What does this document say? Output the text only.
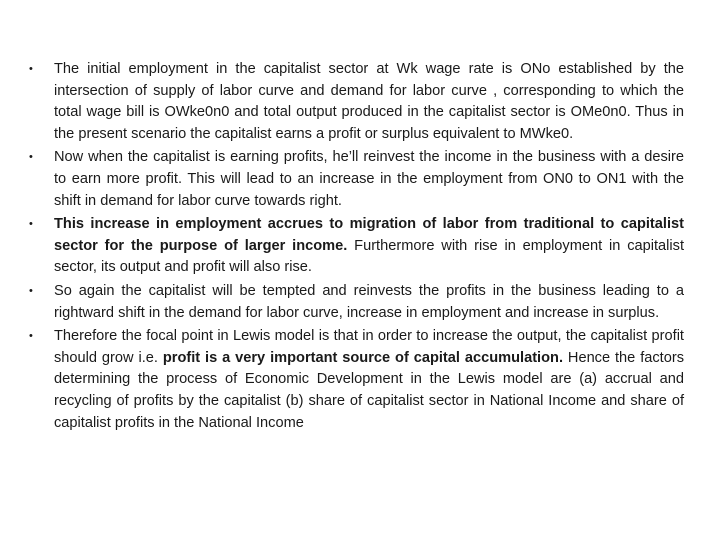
• The initial employment in the capitalist sector at Wk wage rate is ONo established by the intersection of supply of labor curve and demand for labor curve , corresponding to which the total wage bill is OWke0n0 and total output produced in the capitalist sector is OMe0n0. Thus in the present scenario the capitalist earns a profit or surplus equivalent to MWke0.
• Now when the capitalist is earning profits, he’ll reinvest the income in the business with a desire to earn more profit. This will lead to an increase in the employment from ON0 to ON1 with the shift in demand for labor curve towards right.
• This increase in employment accrues to migration of labor from traditional to capitalist sector for the purpose of larger income. Furthermore with rise in employment in capitalist sector, its output and profit will also rise.
• So again the capitalist will be tempted and reinvests the profits in the business leading to a rightward shift in the demand for labor curve, increase in employment and increase in surplus.
• Therefore the focal point in Lewis model is that in order to increase the output, the capitalist profit should grow i.e. profit is a very important source of capital accumulation. Hence the factors determining the process of Economic Development in the Lewis model are (a) accrual and recycling of profits by the capitalist (b) share of capitalist sector in National Income and share of capitalist profits in the National Income
